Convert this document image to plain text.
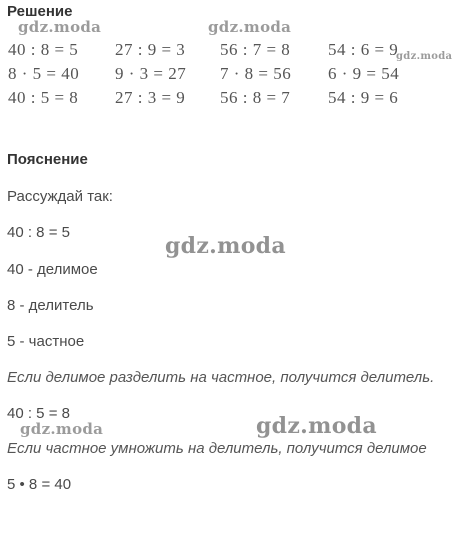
Решение
40 : 8 = 5	27 : 9 = 3	56 : 7 = 8	54 : 6 = 9
8 · 5 = 40	9 · 3 = 27	7 · 8 = 56	6 · 9 = 54
40 : 5 = 8	27 : 3 = 9	56 : 8 = 7	54 : 9 = 6
Пояснение

Рассуждай так:

40 : 8 = 5

40 - делимое

8 - делитель

5 - частное

Если делимое разделить на частное, получится делитель.

40 : 5 = 8

Если частное умножить на делитель, получится делимое

5 • 8 = 40

gdz.moda	gdz.moda
gdz.moda
gdz.moda
gdz.moda	gdz.moda
